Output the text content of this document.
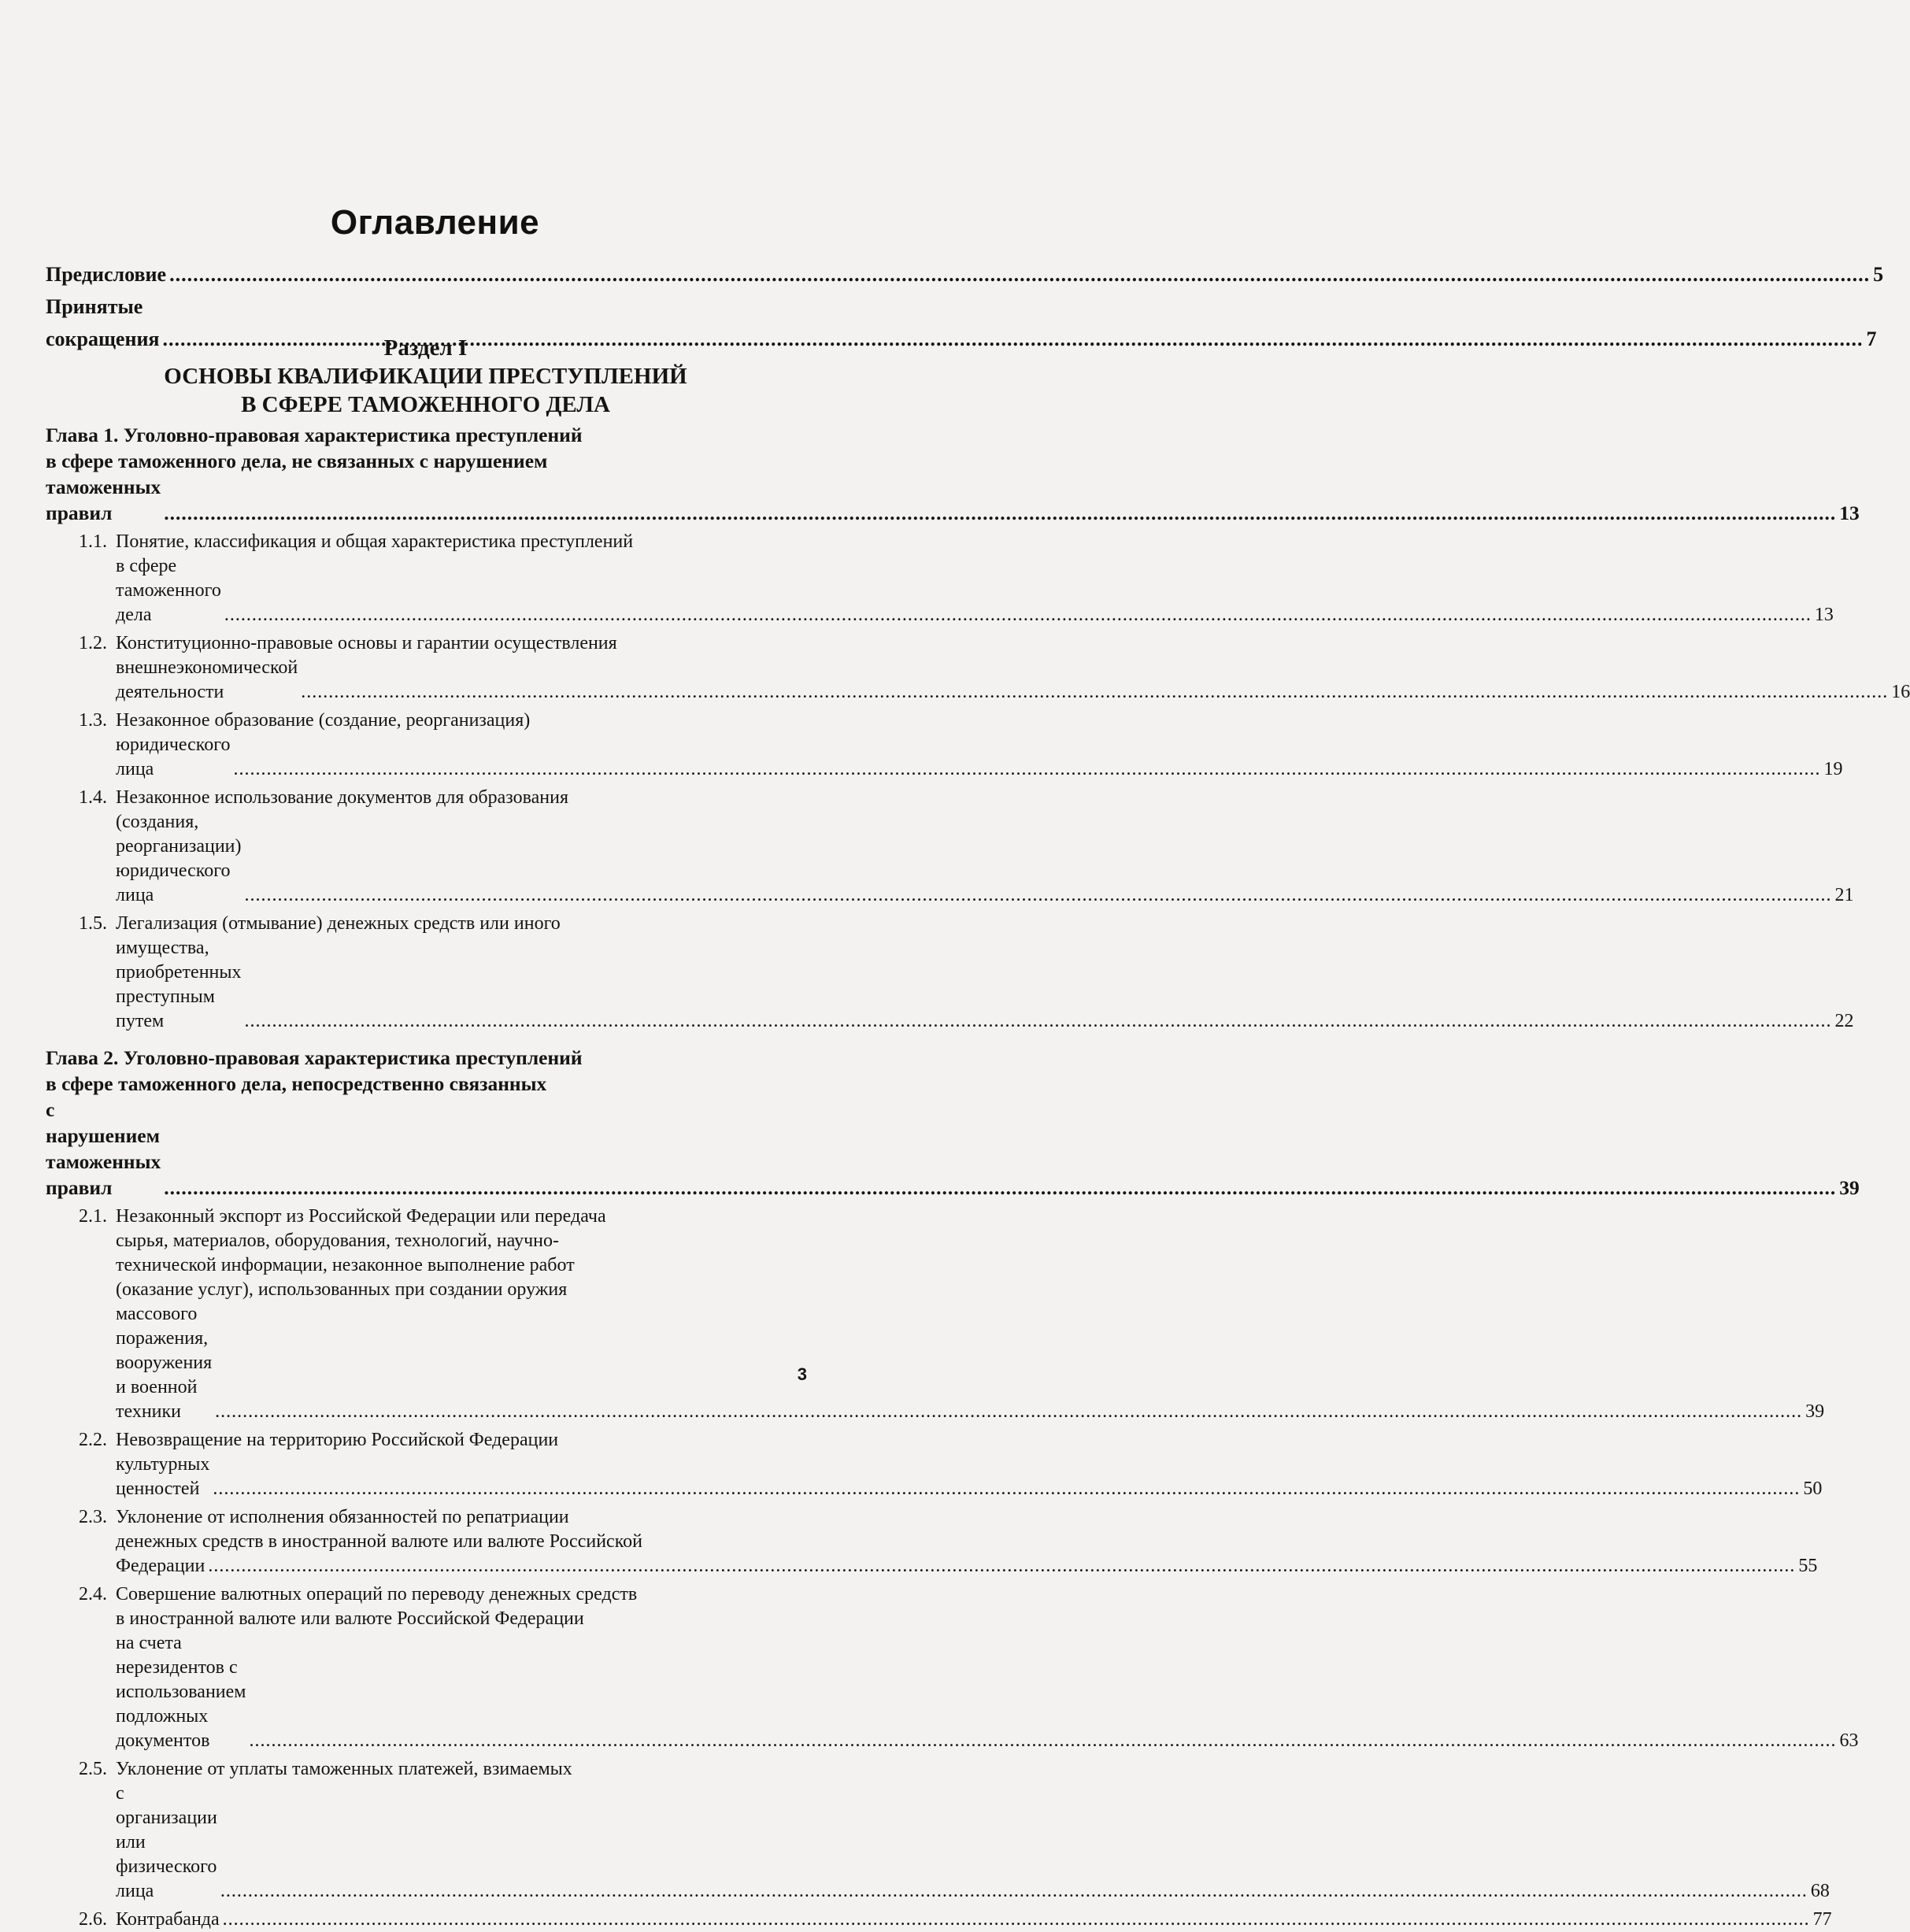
Оглавление
Предисловие .....	5
Принятые сокращения .....	7
Раздел I
ОСНОВЫ КВАЛИФИКАЦИИ ПРЕСТУПЛЕНИЙ
В СФЕРЕ ТАМОЖЕННОГО ДЕЛА
Глава 1. Уголовно-правовая характеристика преступлений
в сфере таможенного дела, не связанных с нарушением
таможенных правил .....	13
1.1. Понятие, классификация и общая характеристика преступлений
в сфере таможенного дела .....	13
1.2. Конституционно-правовые основы и гарантии осуществления
внешнеэкономической деятельности .....	16
1.3. Незаконное образование (создание, реорганизация)
юридического лица .....	19
1.4. Незаконное использование документов для образования
(создания, реорганизации) юридического лица .....	21
1.5. Легализация (отмывание) денежных средств или иного
имущества, приобретенных преступным путем .....	22
Глава 2. Уголовно-правовая характеристика преступлений
в сфере таможенного дела, непосредственно связанных
с нарушением таможенных правил .....	39
2.1. Незаконный экспорт из Российской Федерации или передача
сырья, материалов, оборудования, технологий, научно-
технической информации, незаконное выполнение работ
(оказание услуг), использованных при создании оружия
массового поражения, вооружения и военной техники .....	39
2.2. Невозвращение на территорию Российской Федерации
культурных ценностей .....	50
2.3. Уклонение от исполнения обязанностей по репатриации
денежных средств в иностранной валюте или валюте Российской
Федерации .....	55
2.4. Совершение валютных операций по переводу денежных средств
в иностранной валюте или валюте Российской Федерации
на счета нерезидентов с использованием подложных документов .....	63
2.5. Уклонение от уплаты таможенных платежей, взимаемых
с организации или физического лица .....	68
2.6. Контрабанда .....	77
3
